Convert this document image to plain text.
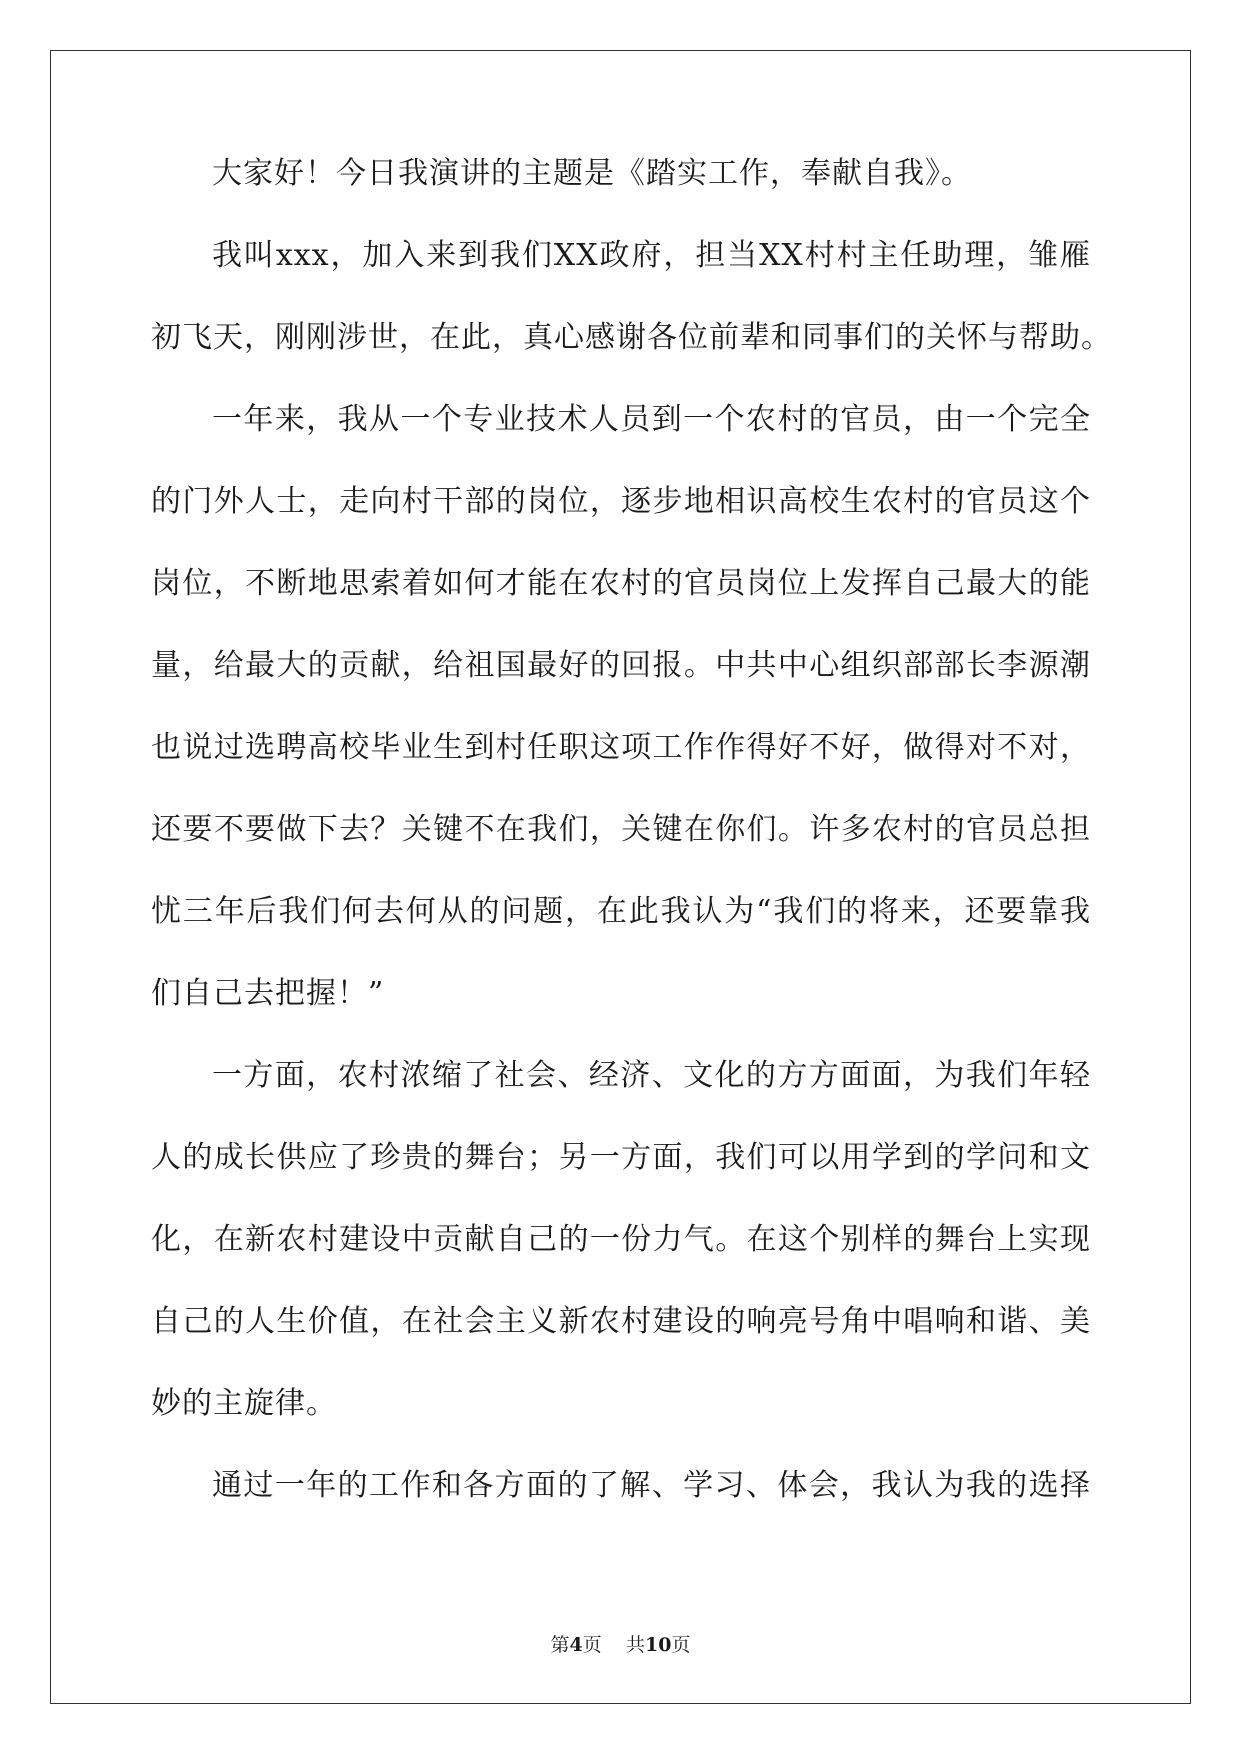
大家好！今日我演讲的主题是《踏实工作，奉献自我》。
我叫xxx，加入来到我们XX政府，担当XX村村主任助理，雏雁
初飞天，刚刚涉世，在此，真心感谢各位前辈和同事们的关怀与帮助。
一年来，我从一个专业技术人员到一个农村的官员，由一个完全
的门外人士，走向村干部的岗位，逐步地相识高校生农村的官员这个
岗位，不断地思索着如何才能在农村的官员岗位上发挥自己最大的能
量，给最大的贡献，给祖国最好的回报。中共中心组织部部长李源潮
也说过选聘高校毕业生到村任职这项工作作得好不好，做得对不对，
还要不要做下去？关键不在我们，关键在你们。许多农村的官员总担
忧三年后我们何去何从的问题，在此我认为“我们的将来，还要靠我
们自己去把握！”
一方面，农村浓缩了社会、经济、文化的方方面面，为我们年轻
人的成长供应了珍贵的舞台；另一方面，我们可以用学到的学问和文
化，在新农村建设中贡献自己的一份力气。在这个别样的舞台上实现
自己的人生价值，在社会主义新农村建设的响亮号角中唱响和谐、美
妙的主旋律。
通过一年的工作和各方面的了解、学习、体会，我认为我的选择
第4页 共10页
